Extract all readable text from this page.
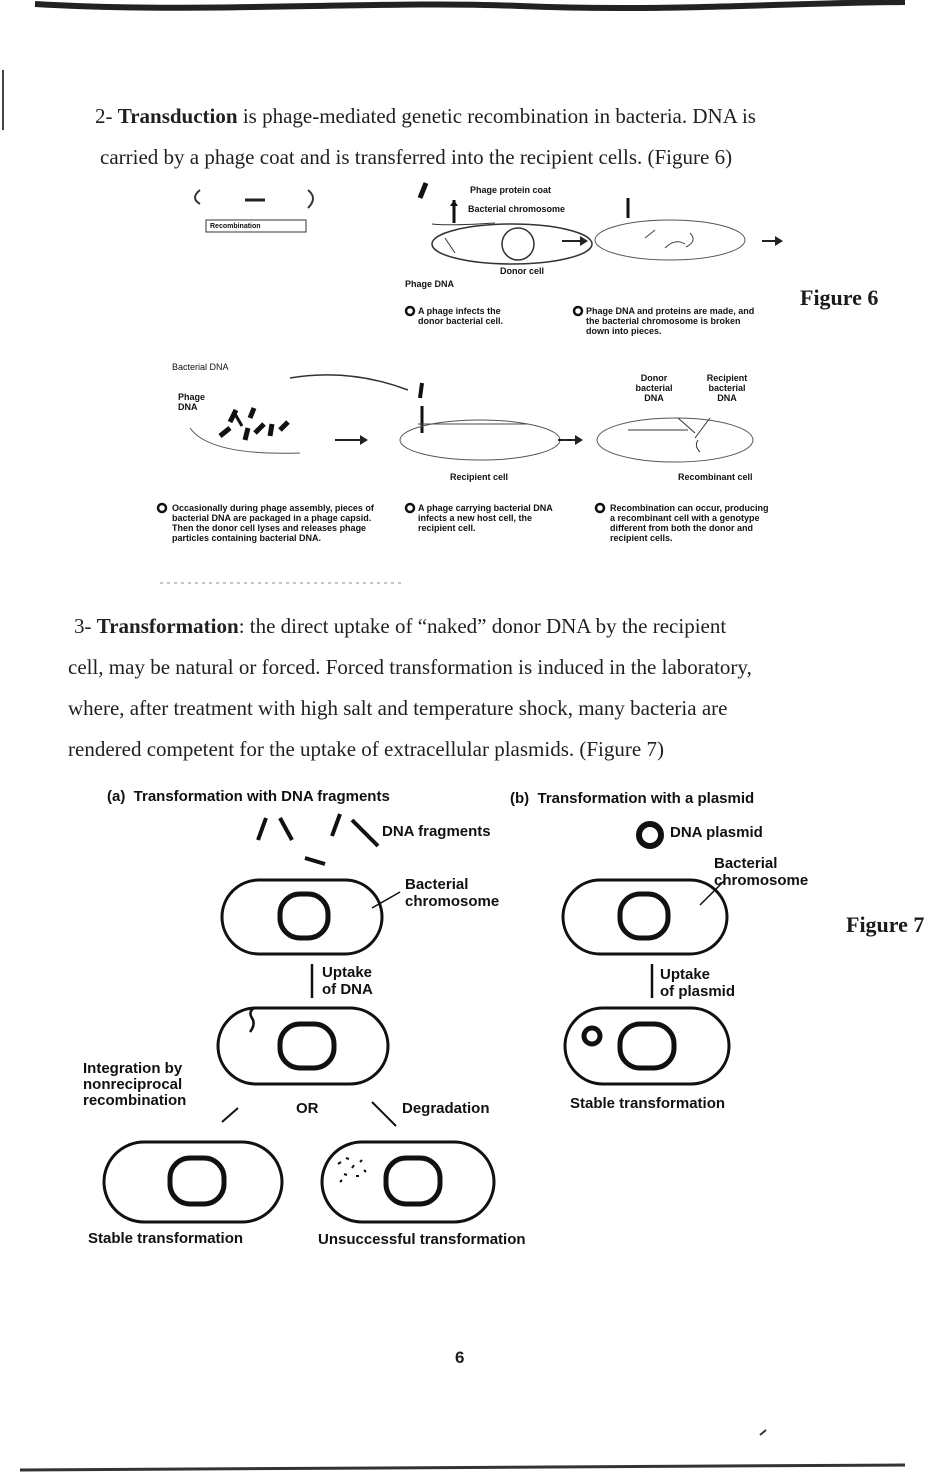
2- Transduction is phage-mediated genetic recombination in bacteria. DNA is
carried by a phage coat and is transferred into the recipient cells. (Figure 6)
Recombination
Phage protein coat
Bacterial chromosome
Phage DNA
Donor cell
A phage infects the donor bacterial cell.
Phage DNA and proteins are made, and the bacterial chromosome is broken down into pieces.
Bacterial DNA
Phage DNA
Donor bacterial DNA
Recipient bacterial DNA
Recipient cell	Recombinant cell
Occasionally during phage assembly, pieces of bacterial DNA are packaged in a phage capsid. Then the donor cell lyses and releases phage particles containing bacterial DNA.
A phage carrying bacterial DNA infects a new host cell, the recipient cell.
Recombination can occur, producing a recombinant cell with a genotype different from both the donor and recipient cells.
Figure 6
3- Transformation: the direct uptake of “naked” donor DNA by the recipient
cell, may be natural or forced. Forced transformation is induced in the laboratory,
where, after treatment with high salt and temperature shock, many bacteria are
rendered competent for the uptake of extracellular plasmids. (Figure 7)
(a)  Transformation with DNA fragments	(b)  Transformation with a plasmid
DNA fragments	DNA plasmid
Bacterial
chromosome
Bacterial
chromosome
Uptake
of DNA
Uptake
of plasmid
Integration by
nonreciprocal
recombination	OR	Degradation	Stable transformation
Stable transformation	Unsuccessful transformation
Figure 7
6
